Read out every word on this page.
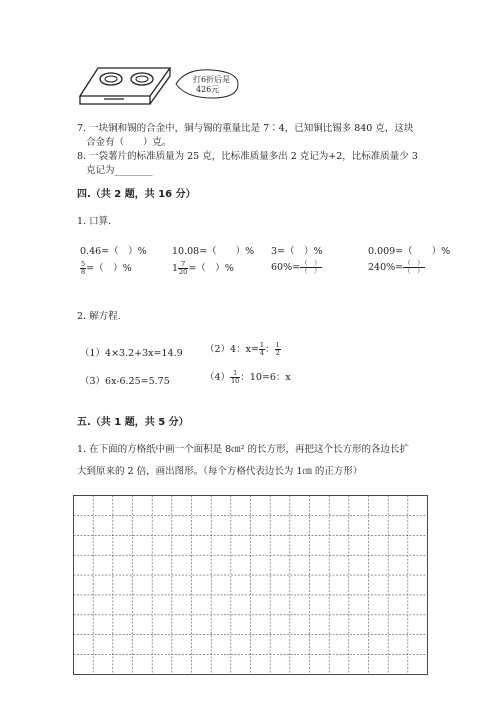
打6折后是
426元
7. 一块铜和锡的合金中，铜与锡的重量比是 7∶4，已知铜比锡多 840 克，这块
合金有（　　）克。
8. 一袋薯片的标准质量为 25 克，比标准质量多出 2 克记为+2，比标准质量少 3
克记为________
四.（共 2 题，共 16 分）
1. 口算.
0.46=（　）%	10.08=（　　）% 3=（　）%	0.009=（　　）%
$\frac{5}{8}$ =（　）%	$1 \frac{7}{20}$ =（　）%	$60\%= \frac{( )}{( )}$	$240\%= \frac{( )}{( )}$
2. 解方程.
（1）4×3.2+3x=14.9 （2）4：$x= \frac{1}{4}$ ： $\frac{1}{2}$
（3）6x-6.25=5.75	$(4) \frac{1}{10}$ ：10=6：x
五.（共 1 题，共 5 分）
1. 在下面的方格纸中画一个面积是 8㎝² 的长方形，再把这个长方形的各边长扩
大到原来的 2 倍，画出图形。（每个方格代表边长为 1㎝ 的正方形）
